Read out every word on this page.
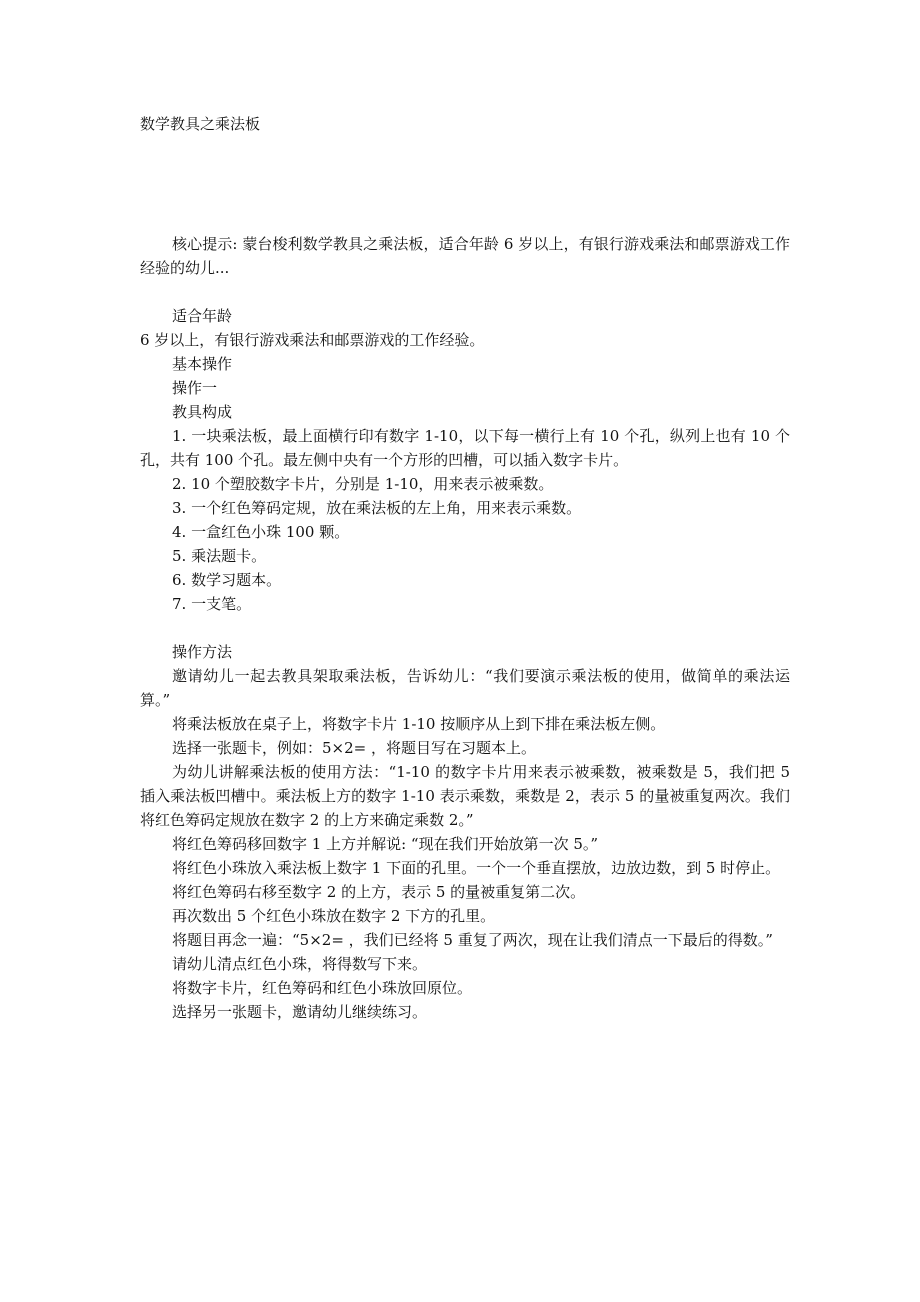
数学教具之乘法板

核心提示: 蒙台梭利数学教具之乘法板，适合年龄 6 岁以上，有银行游戏乘法和邮票游戏工作经验的幼儿...

适合年龄

6 岁以上，有银行游戏乘法和邮票游戏的工作经验。

基本操作

操作一

教具构成

1. 一块乘法板，最上面横行印有数字 1-10，以下每一横行上有 10 个孔，纵列上也有 10 个孔，共有 100 个孔。最左侧中央有一个方形的凹槽，可以插入数字卡片。

2. 10 个塑胶数字卡片，分别是 1-10，用来表示被乘数。

3. 一个红色筹码定规，放在乘法板的左上角，用来表示乘数。

4. 一盒红色小珠 100 颗。

5. 乘法题卡。

6. 数学习题本。

7. 一支笔。

操作方法

邀请幼儿一起去教具架取乘法板，告诉幼儿：“我们要演示乘法板的使用，做简单的乘法运算。”

将乘法板放在桌子上，将数字卡片 1-10 按顺序从上到下排在乘法板左侧。

选择一张题卡，例如：5×2= ，将题目写在习题本上。

为幼儿讲解乘法板的使用方法：“1-10 的数字卡片用来表示被乘数，被乘数是 5，我们把 5 插入乘法板凹槽中。乘法板上方的数字 1-10 表示乘数，乘数是 2，表示 5 的量被重复两次。我们将红色筹码定规放在数字 2 的上方来确定乘数 2。”

将红色筹码移回数字 1 上方并解说: “现在我们开始放第一次 5。”

将红色小珠放入乘法板上数字 1 下面的孔里。一个一个垂直摆放，边放边数，到 5 时停止。

将红色筹码右移至数字 2 的上方，表示 5 的量被重复第二次。

再次数出 5 个红色小珠放在数字 2 下方的孔里。

将题目再念一遍：“5×2= ，我们已经将 5 重复了两次，现在让我们清点一下最后的得数。”

请幼儿清点红色小珠，将得数写下来。

将数字卡片，红色筹码和红色小珠放回原位。

选择另一张题卡，邀请幼儿继续练习。
